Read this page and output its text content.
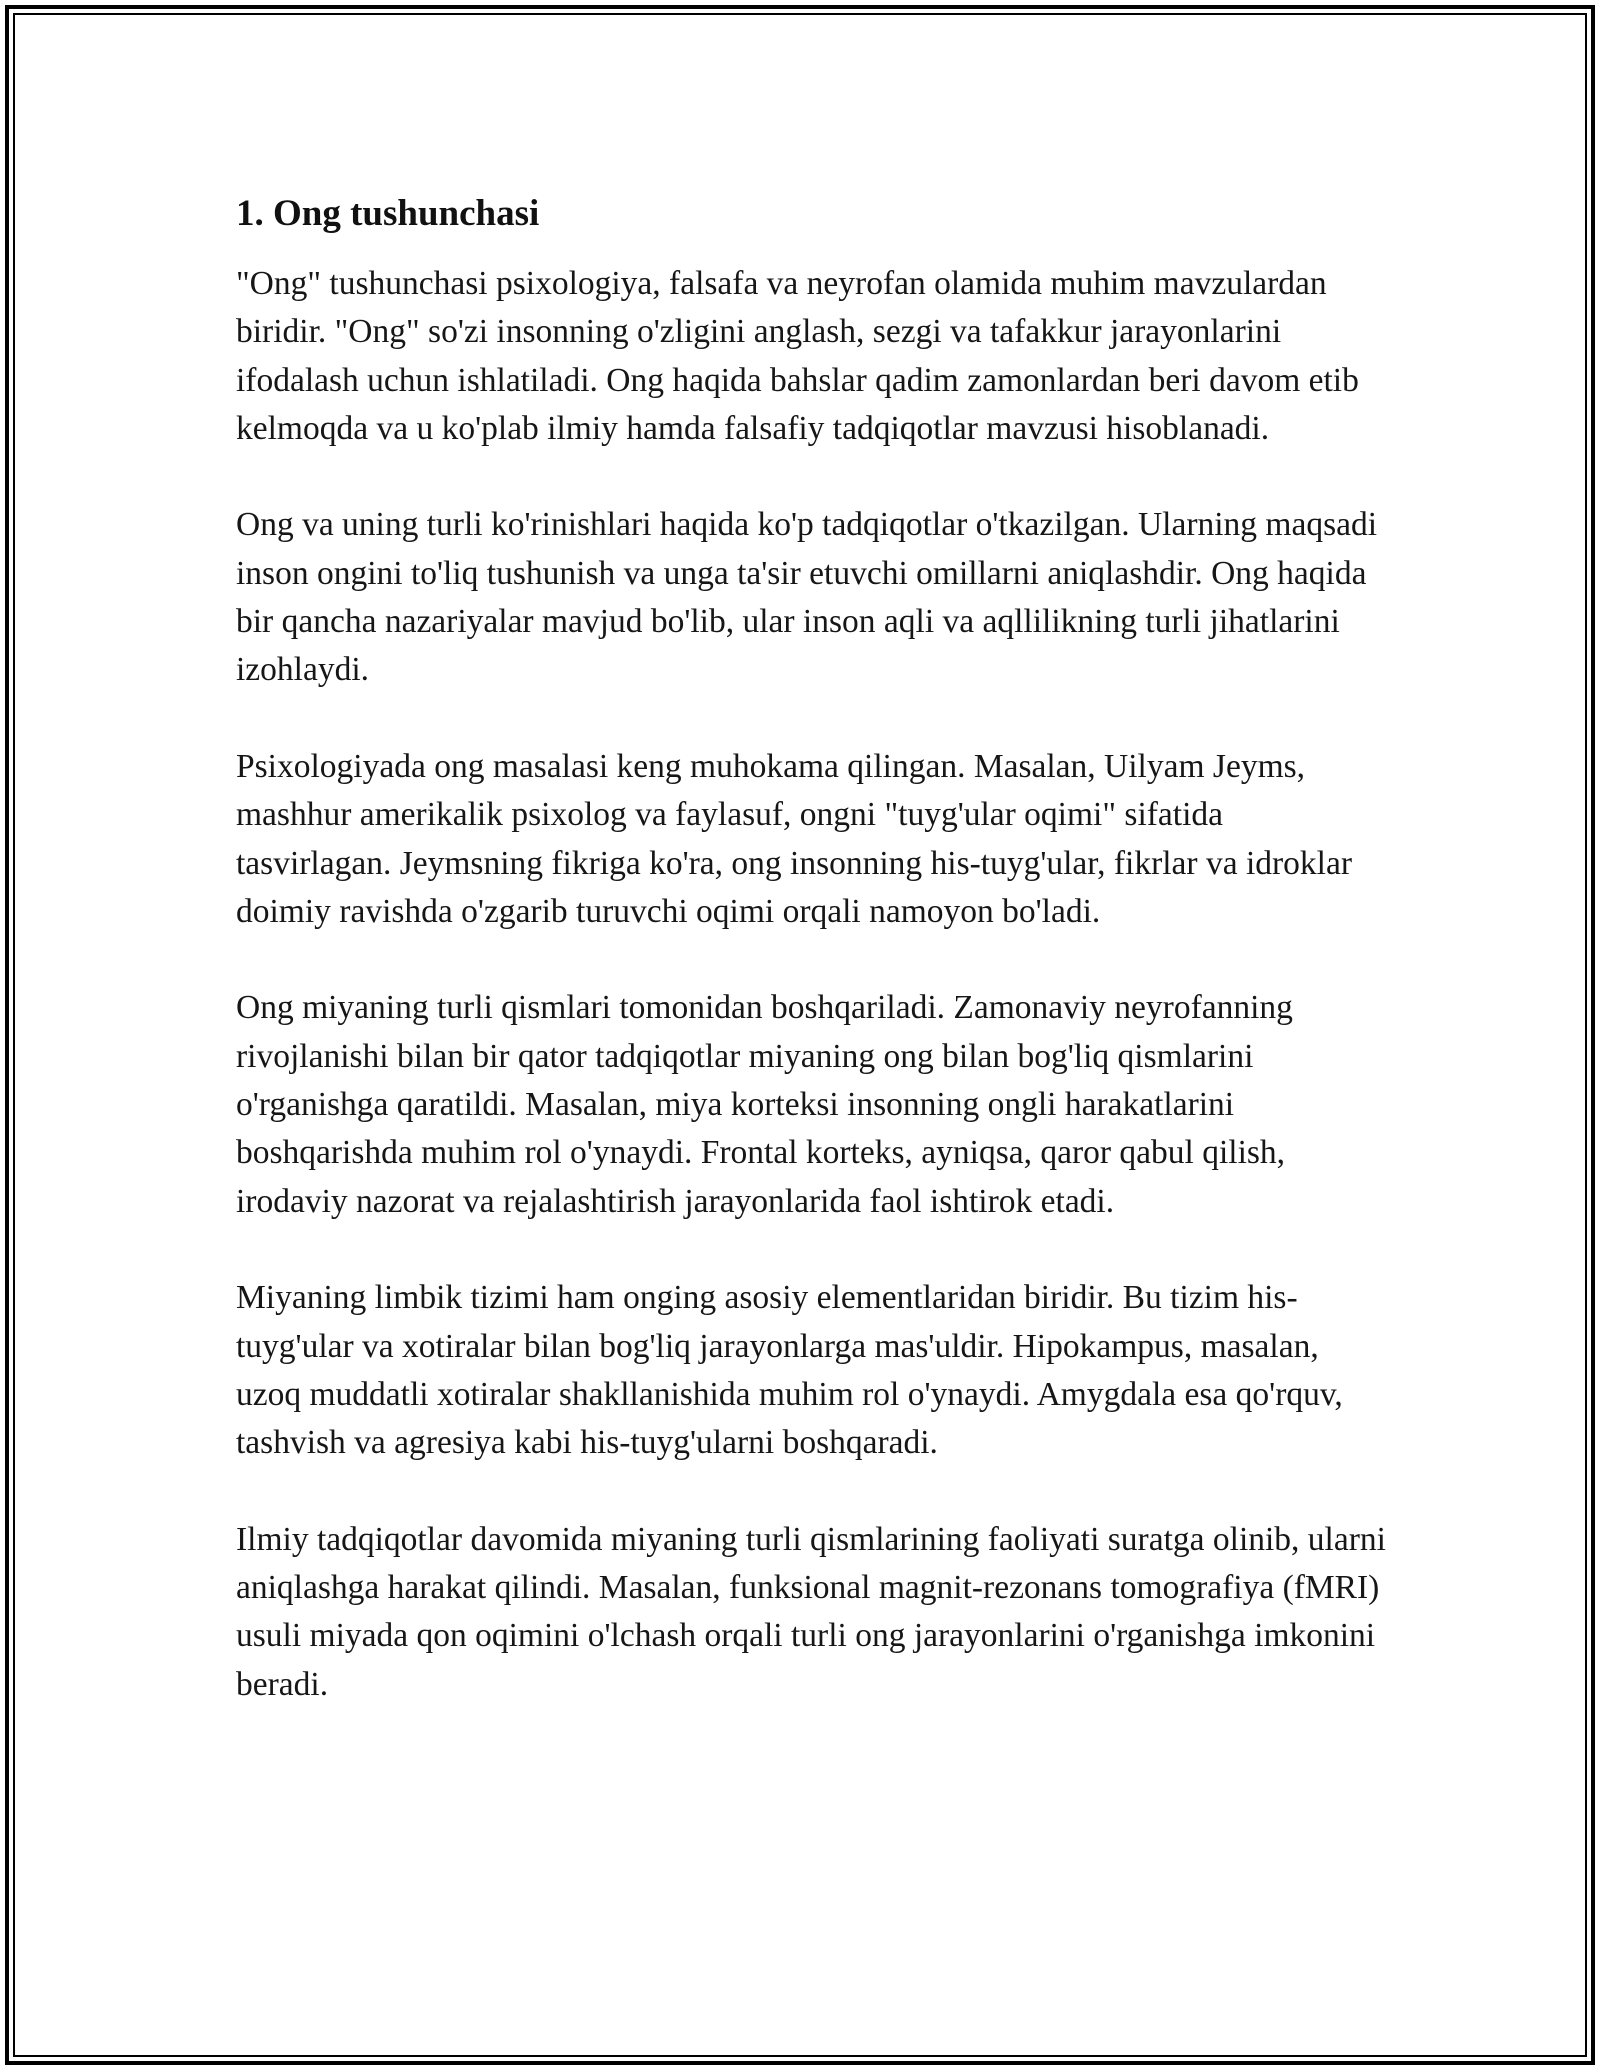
1. Ong tushunchasi

"Ong" tushunchasi psixologiya, falsafa va neyrofan olamida muhim mavzulardan biridir. "Ong" so'zi insonning o'zligini anglash, sezgi va tafakkur jarayonlarini ifodalash uchun ishlatiladi. Ong haqida bahslar qadim zamonlardan beri davom etib kelmoqda va u ko'plab ilmiy hamda falsafiy tadqiqotlar mavzusi hisoblanadi.

Ong va uning turli ko'rinishlari haqida ko'p tadqiqotlar o'tkazilgan. Ularning maqsadi inson ongini to'liq tushunish va unga ta'sir etuvchi omillarni aniqlashdir. Ong haqida bir qancha nazariyalar mavjud bo'lib, ular inson aqli va aqllilikning turli jihatlarini izohlaydi.

Psixologiyada ong masalasi keng muhokama qilingan. Masalan, Uilyam Jeyms, mashhur amerikalik psixolog va faylasuf, ongni "tuyg'ular oqimi" sifatida tasvirlagan. Jeymsning fikriga ko'ra, ong insonning his-tuyg'ular, fikrlar va idroklar doimiy ravishda o'zgarib turuvchi oqimi orqali namoyon bo'ladi.

Ong miyaning turli qismlari tomonidan boshqariladi. Zamonaviy neyrofanning rivojlanishi bilan bir qator tadqiqotlar miyaning ong bilan bog'liq qismlarini o'rganishga qaratildi. Masalan, miya korteksi insonning ongli harakatlarini boshqarishda muhim rol o'ynaydi. Frontal korteks, ayniqsa, qaror qabul qilish, irodaviy nazorat va rejalashtirish jarayonlarida faol ishtirok etadi.

Miyaning limbik tizimi ham onging asosiy elementlaridan biridir. Bu tizim his-tuyg'ular va xotiralar bilan bog'liq jarayonlarga mas'uldir. Hipokampus, masalan, uzoq muddatli xotiralar shakllanishida muhim rol o'ynaydi. Amygdala esa qo'rquv, tashvish va agresiya kabi his-tuyg'ularni boshqaradi.

Ilmiy tadqiqotlar davomida miyaning turli qismlarining faoliyati suratga olinib, ularni aniqlashga harakat qilindi. Masalan, funksional magnit-rezonans tomografiya (fMRI) usuli miyada qon oqimini o'lchash orqali turli ong jarayonlarini o'rganishga imkonini beradi.
